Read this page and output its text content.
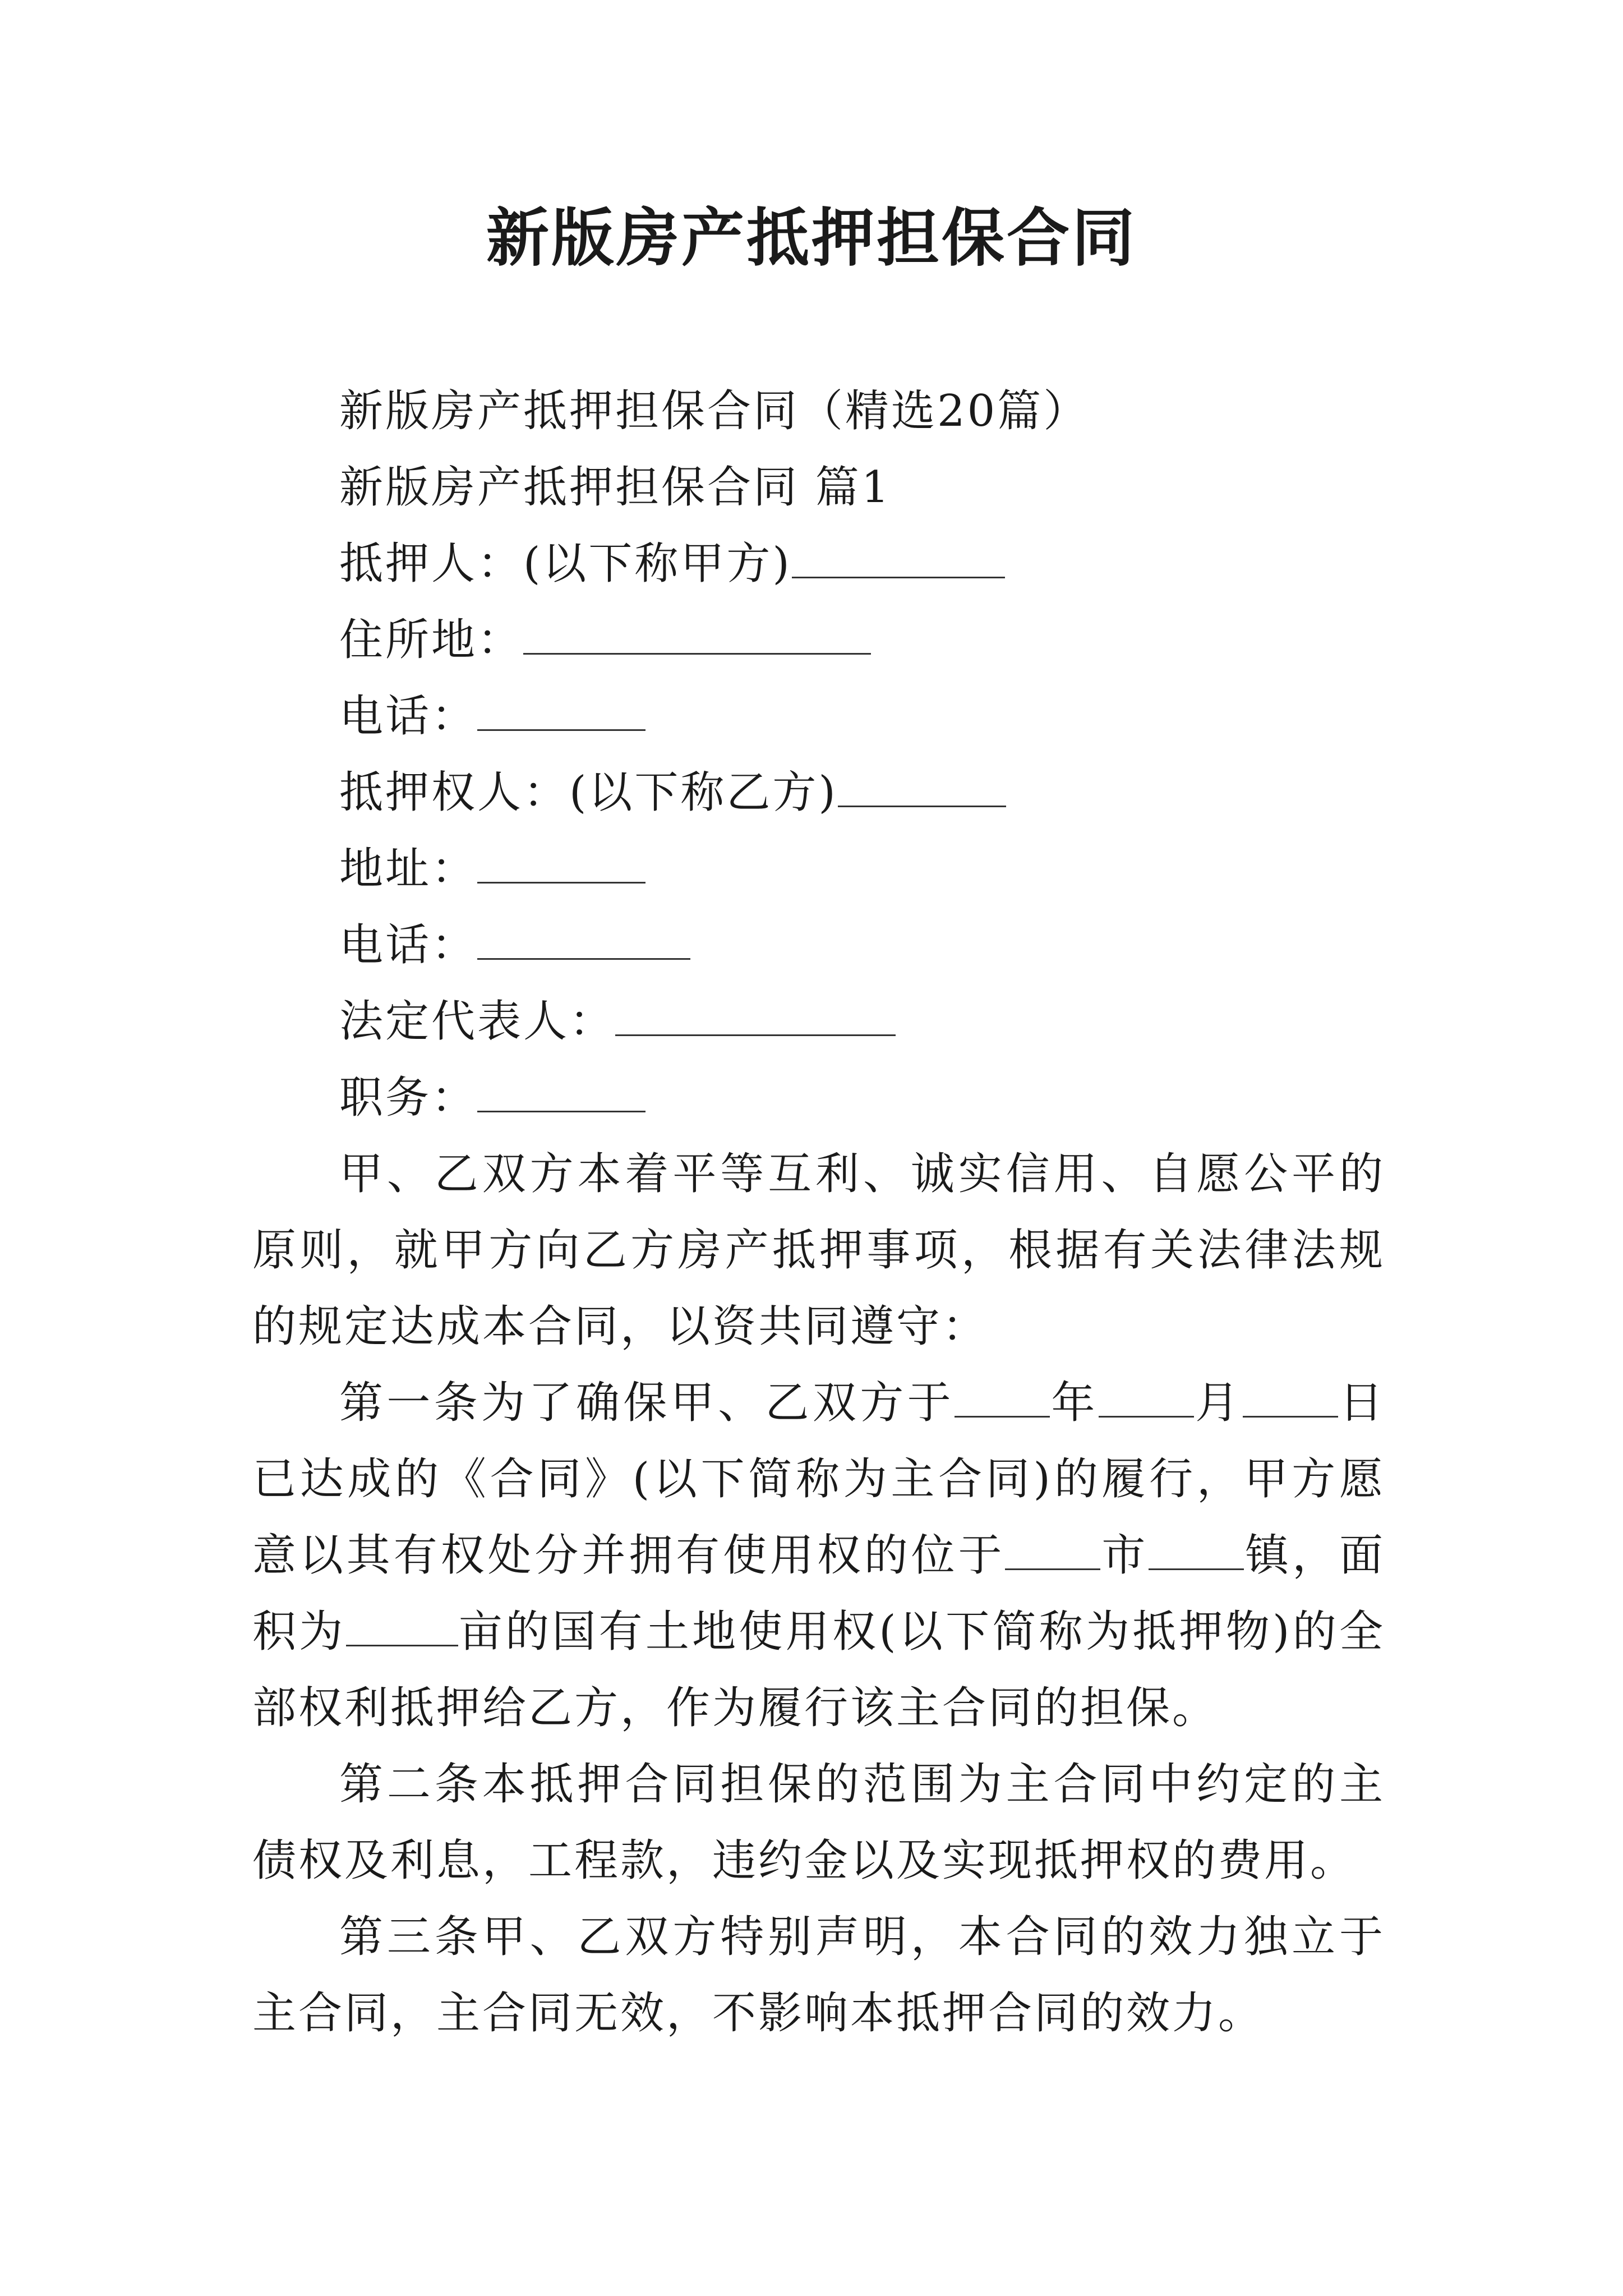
新版房产抵押担保合同
新版房产抵押担保合同（精选20篇）
新版房产抵押担保合同 篇1
抵押人：(以下称甲方)
住所地：
电话：
抵押权人：(以下称乙方)
地址：
电话：
法定代表人：
职务：
甲、乙双方本着平等互利、诚实信用、自愿公平的原则，就甲方向乙方房产抵押事项，根据有关法律法规的规定达成本合同，以资共同遵守：
第一条为了确保甲、乙双方于 年 月 日已达成的《合同》(以下简称为主合同)的履行，甲方愿意以其有权处分并拥有使用权的位于 市 镇，面积为	亩的国有土地使用权(以下简称为抵押物)的全部权利抵押给乙方，作为履行该主合同的担保。
第二条本抵押合同担保的范围为主合同中约定的主债权及利息，工程款，违约金以及实现抵押权的费用。
第三条甲、乙双方特别声明，本合同的效力独立于主合同，主合同无效，不影响本抵押合同的效力。
